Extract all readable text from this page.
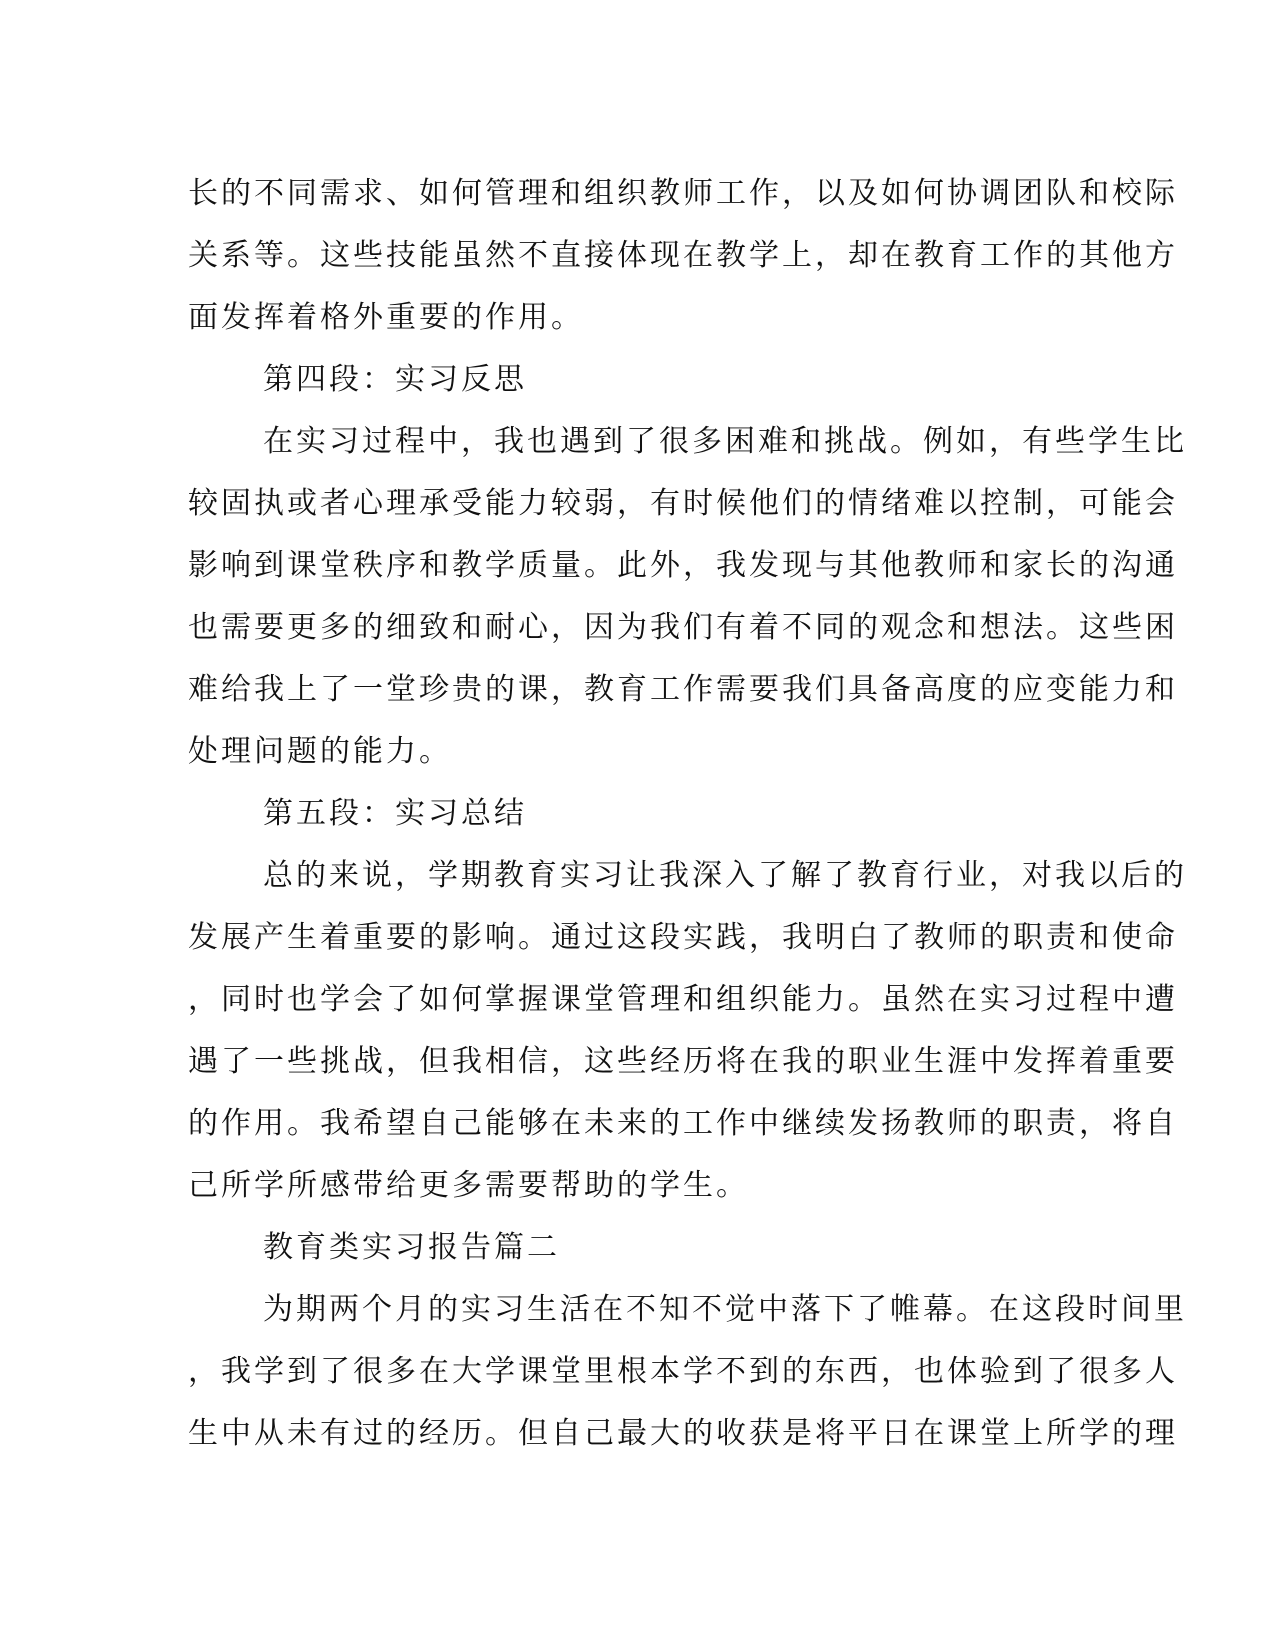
长的不同需求、如何管理和组织教师工作，以及如何协调团队和校际
关系等。这些技能虽然不直接体现在教学上，却在教育工作的其他方
面发挥着格外重要的作用。
第四段：实习反思
在实习过程中，我也遇到了很多困难和挑战。例如，有些学生比
较固执或者心理承受能力较弱，有时候他们的情绪难以控制，可能会
影响到课堂秩序和教学质量。此外，我发现与其他教师和家长的沟通
也需要更多的细致和耐心，因为我们有着不同的观念和想法。这些困
难给我上了一堂珍贵的课，教育工作需要我们具备高度的应变能力和
处理问题的能力。
第五段：实习总结
总的来说，学期教育实习让我深入了解了教育行业，对我以后的
发展产生着重要的影响。通过这段实践，我明白了教师的职责和使命
，同时也学会了如何掌握课堂管理和组织能力。虽然在实习过程中遭
遇了一些挑战，但我相信，这些经历将在我的职业生涯中发挥着重要
的作用。我希望自己能够在未来的工作中继续发扬教师的职责，将自
己所学所感带给更多需要帮助的学生。
教育类实习报告篇二
为期两个月的实习生活在不知不觉中落下了帷幕。在这段时间里
，我学到了很多在大学课堂里根本学不到的东西，也体验到了很多人
生中从未有过的经历。但自己最大的收获是将平日在课堂上所学的理
